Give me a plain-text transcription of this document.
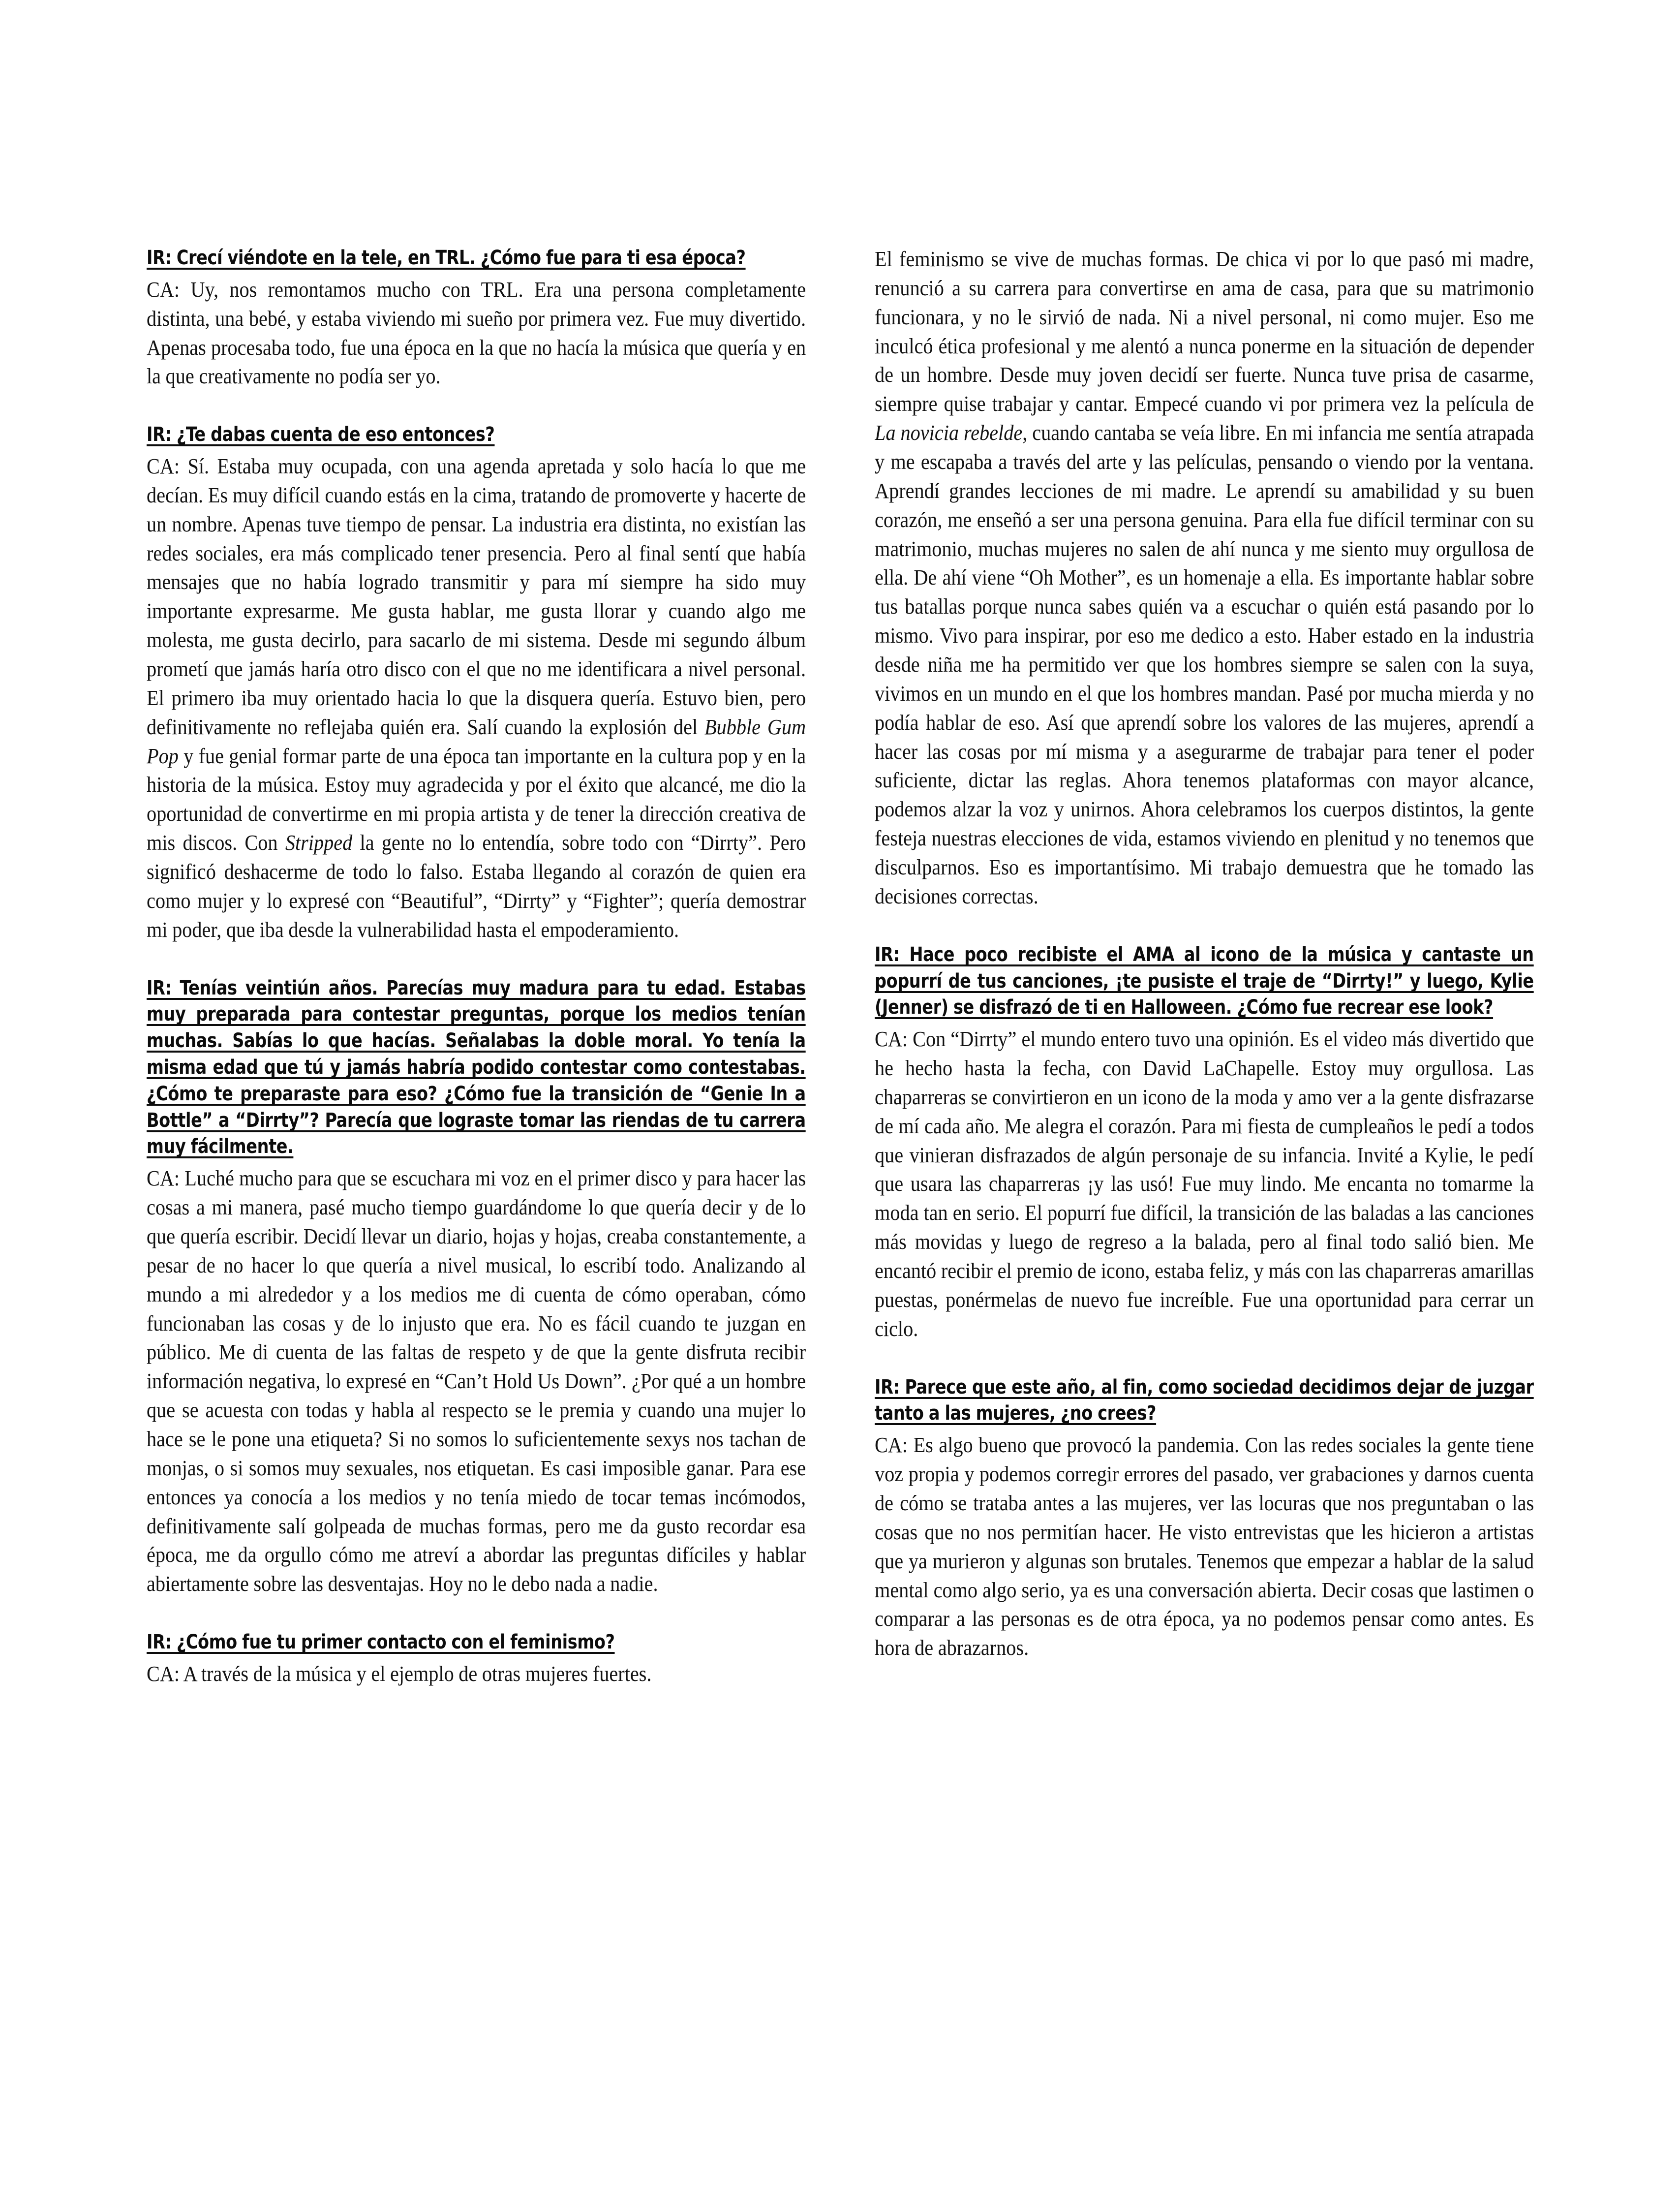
IR: Crecí viéndote en la tele, en TRL. ¿Cómo fue para ti esa época?

CA: Uy, nos remontamos mucho con TRL. Era una persona completamente distinta, una bebé, y estaba viviendo mi sueño por primera vez. Fue muy divertido. Apenas procesaba todo, fue una época en la que no hacía la música que quería y en la que creativamente no podía ser yo.

IR: ¿Te dabas cuenta de eso entonces?

CA: Sí. Estaba muy ocupada, con una agenda apretada y solo hacía lo que me decían. Es muy difícil cuando estás en la cima, tratando de promoverte y hacerte de un nombre. Apenas tuve tiempo de pensar. La industria era distinta, no existían las redes sociales, era más complicado tener presencia. Pero al final sentí que había mensajes que no había logrado transmitir y para mí siempre ha sido muy importante expresarme. Me gusta hablar, me gusta llorar y cuando algo me molesta, me gusta decirlo, para sacarlo de mi sistema. Desde mi segundo álbum prometí que jamás haría otro disco con el que no me identificara a nivel personal. El primero iba muy orientado hacia lo que la disquera quería. Estuvo bien, pero definitivamente no reflejaba quién era. Salí cuando la explosión del Bubble Gum Pop y fue genial formar parte de una época tan importante en la cultura pop y en la historia de la música. Estoy muy agradecida y por el éxito que alcancé, me dio la oportunidad de convertirme en mi propia artista y de tener la dirección creativa de mis discos. Con Stripped la gente no lo entendía, sobre todo con “Dirrty”. Pero significó deshacerme de todo lo falso. Estaba llegando al corazón de quien era como mujer y lo expresé con “Beautiful”, “Dirrty” y “Fighter”; quería demostrar mi poder, que iba desde la vulnerabilidad hasta el empoderamiento.

IR: Tenías veintiún años. Parecías muy madura para tu edad. Estabas muy preparada para contestar preguntas, porque los medios tenían muchas. Sabías lo que hacías. Señalabas la doble moral. Yo tenía la misma edad que tú y jamás habría podido contestar como contestabas. ¿Cómo te preparaste para eso? ¿Cómo fue la transición de “Genie In a Bottle” a “Dirrty”? Parecía que lograste tomar las riendas de tu carrera muy fácilmente.

CA: Luché mucho para que se escuchara mi voz en el primer disco y para hacer las cosas a mi manera, pasé mucho tiempo guardándome lo que quería decir y de lo que quería escribir. Decidí llevar un diario, hojas y hojas, creaba constantemente, a pesar de no hacer lo que quería a nivel musical, lo escribí todo. Analizando al mundo a mi alrededor y a los medios me di cuenta de cómo operaban, cómo funcionaban las cosas y de lo injusto que era. No es fácil cuando te juzgan en público. Me di cuenta de las faltas de respeto y de que la gente disfruta recibir información negativa, lo expresé en “Can’t Hold Us Down”. ¿Por qué a un hombre que se acuesta con todas y habla al respecto se le premia y cuando una mujer lo hace se le pone una etiqueta? Si no somos lo suficientemente sexys nos tachan de monjas, o si somos muy sexuales, nos etiquetan. Es casi imposible ganar. Para ese entonces ya conocía a los medios y no tenía miedo de tocar temas incómodos, definitivamente salí golpeada de muchas formas, pero me da gusto recordar esa época, me da orgullo cómo me atreví a abordar las preguntas difíciles y hablar abiertamente sobre las desventajas. Hoy no le debo nada a nadie.

IR: ¿Cómo fue tu primer contacto con el feminismo?

CA: A través de la música y el ejemplo de otras mujeres fuertes.

El feminismo se vive de muchas formas. De chica vi por lo que pasó mi madre, renunció a su carrera para convertirse en ama de casa, para que su matrimonio funcionara, y no le sirvió de nada. Ni a nivel personal, ni como mujer. Eso me inculcó ética profesional y me alentó a nunca ponerme en la situación de depender de un hombre. Desde muy joven decidí ser fuerte. Nunca tuve prisa de casarme, siempre quise trabajar y cantar. Empecé cuando vi por primera vez la película de La novicia rebelde, cuando cantaba se veía libre. En mi infancia me sentía atrapada y me escapaba a través del arte y las películas, pensando o viendo por la ventana. Aprendí grandes lecciones de mi madre. Le aprendí su amabilidad y su buen corazón, me enseñó a ser una persona genuina. Para ella fue difícil terminar con su matrimonio, muchas mujeres no salen de ahí nunca y me siento muy orgullosa de ella. De ahí viene “Oh Mother”, es un homenaje a ella. Es importante hablar sobre tus batallas porque nunca sabes quién va a escuchar o quién está pasando por lo mismo. Vivo para inspirar, por eso me dedico a esto. Haber estado en la industria desde niña me ha permitido ver que los hombres siempre se salen con la suya, vivimos en un mundo en el que los hombres mandan. Pasé por mucha mierda y no podía hablar de eso. Así que aprendí sobre los valores de las mujeres, aprendí a hacer las cosas por mí misma y a asegurarme de trabajar para tener el poder suficiente, dictar las reglas. Ahora tenemos plataformas con mayor alcance, podemos alzar la voz y unirnos. Ahora celebramos los cuerpos distintos, la gente festeja nuestras elecciones de vida, estamos viviendo en plenitud y no tenemos que disculparnos. Eso es importantísimo. Mi trabajo demuestra que he tomado las decisiones correctas.

IR: Hace poco recibiste el AMA al icono de la música y cantaste un popurrí de tus canciones, ¡te pusiste el traje de “Dirrty!” y luego, Kylie (Jenner) se disfrazó de ti en Halloween. ¿Cómo fue recrear ese look?

CA: Con “Dirrty” el mundo entero tuvo una opinión. Es el video más divertido que he hecho hasta la fecha, con David LaChapelle. Estoy muy orgullosa. Las chaparreras se convirtieron en un icono de la moda y amo ver a la gente disfrazarse de mí cada año. Me alegra el corazón. Para mi fiesta de cumpleaños le pedí a todos que vinieran disfrazados de algún personaje de su infancia. Invité a Kylie, le pedí que usara las chaparreras ¡y las usó! Fue muy lindo. Me encanta no tomarme la moda tan en serio. El popurrí fue difícil, la transición de las baladas a las canciones más movidas y luego de regreso a la balada, pero al final todo salió bien. Me encantó recibir el premio de icono, estaba feliz, y más con las chaparreras amarillas puestas, ponérmelas de nuevo fue increíble. Fue una oportunidad para cerrar un ciclo.

IR: Parece que este año, al fin, como sociedad decidimos dejar de juzgar tanto a las mujeres, ¿no crees?

CA: Es algo bueno que provocó la pandemia. Con las redes sociales la gente tiene voz propia y podemos corregir errores del pasado, ver grabaciones y darnos cuenta de cómo se trataba antes a las mujeres, ver las locuras que nos preguntaban o las cosas que no nos permitían hacer. He visto entrevistas que les hicieron a artistas que ya murieron y algunas son brutales. Tenemos que empezar a hablar de la salud mental como algo serio, ya es una conversación abierta. Decir cosas que lastimen o comparar a las personas es de otra época, ya no podemos pensar como antes. Es hora de abrazarnos.
